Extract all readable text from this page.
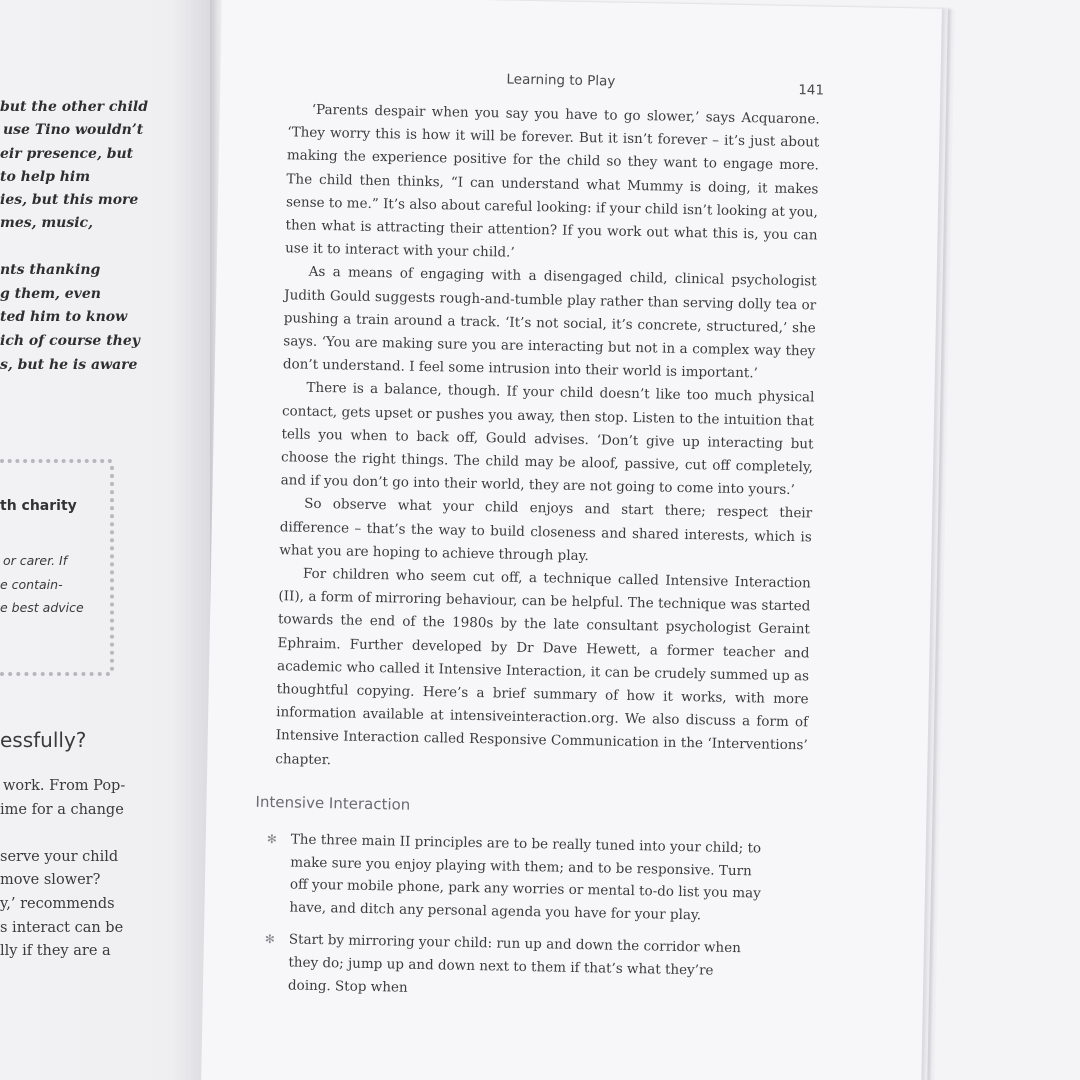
but the other child
use Tino wouldn’t
eir presence, but
to help him
ies, but this more
mes, music,
nts thanking
g them, even
ted him to know
ich of course they
s, but he is aware
th charity
or carer. If
e contain-
e best advice
essfully?
work. From Pop-
ime for a change
serve your child
move slower?
y,’ recommends
s interact can be
lly if they are a
Learning to Play
141

‘Parents despair when you say you have to go slower,’ says Acquarone. ‘They worry this is how it will be forever. But it isn’t forever – it’s just about making the experience positive for the child so they want to engage more. The child then thinks, “I can understand what Mummy is doing, it makes sense to me.” It’s also about careful looking: if your child isn’t looking at you, then what is attracting their attention? If you work out what this is, you can use it to interact with your child.’

As a means of engaging with a disengaged child, clinical psychologist Judith Gould suggests rough-and-tumble play rather than serving dolly tea or pushing a train around a track. ‘It’s not social, it’s concrete, structured,’ she says. ‘You are making sure you are interacting but not in a complex way they don’t understand. I feel some intrusion into their world is important.’

There is a balance, though. If your child doesn’t like too much physical contact, gets upset or pushes you away, then stop. Listen to the intuition that tells you when to back off, Gould advises. ‘Don’t give up interacting but choose the right things. The child may be aloof, passive, cut off completely, and if you don’t go into their world, they are not going to come into yours.’

So observe what your child enjoys and start there; respect their difference – that’s the way to build closeness and shared interests, which is what you are hoping to achieve through play.

For children who seem cut off, a technique called Intensive Interaction (II), a form of mirroring behaviour, can be helpful. The technique was started towards the end of the 1980s by the late consultant psychologist Geraint Ephraim. Further developed by Dr Dave Hewett, a former teacher and academic who called it Intensive Interaction, it can be crudely summed up as thoughtful copying. Here’s a brief summary of how it works, with more information available at intensiveinteraction.org. We also discuss a form of Intensive Interaction called Responsive Communication in the ‘Interventions’ chapter.

Intensive Interaction
✻ The three main II principles are to be really tuned into your child; to make sure you enjoy playing with them; and to be responsive. Turn off your mobile phone, park any worries or mental to-do list you may have, and ditch any personal agenda you have for your play.
✻ Start by mirroring your child: run up and down the corridor when they do; jump up and down next to them if that’s what they’re doing. Stop when
